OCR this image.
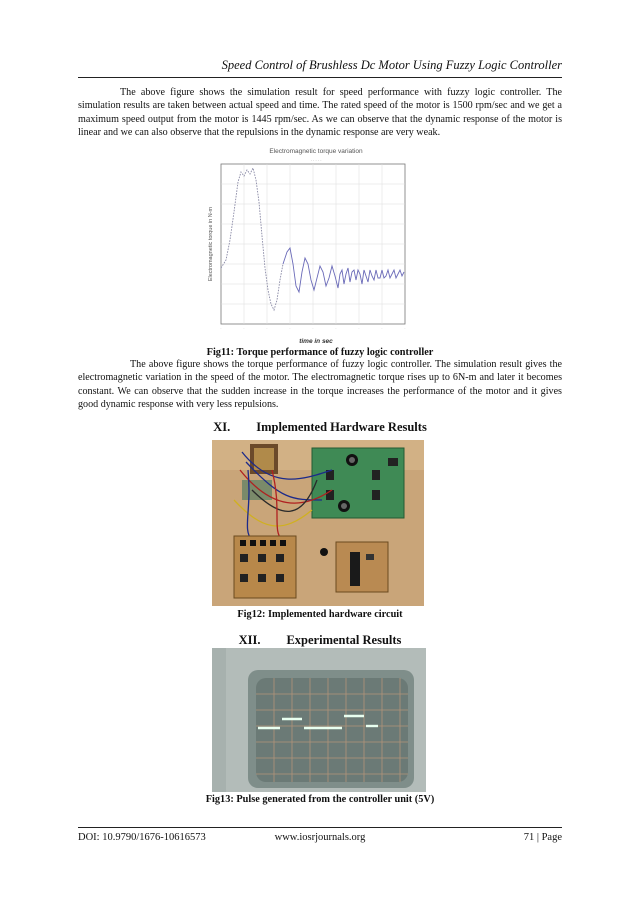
Speed Control of Brushless Dc Motor Using Fuzzy Logic Controller

The above figure shows the simulation result for speed performance with fuzzy logic controller. The simulation results are taken between actual speed and time. The rated speed of the motor is 1500 rpm/sec and we get a maximum speed output from the motor is 1445 rpm/sec. As we can observe that the dynamic response of the motor is linear and we can also observe that the repulsions in the dynamic response are very weak.

Electromagnetic torque variation
· · · · ·
·	·	·	·	·	·	·	·	·
Electromagnetic torque in N-m
time in sec
Fig11: Torque performance of fuzzy logic controller

The above figure shows the torque performance of fuzzy logic controller. The simulation result gives the electromagnetic variation in the speed of the motor. The electromagnetic torque rises up to 6N-m and later it becomes constant. We can observe that the sudden increase in the torque increases the performance of the motor and it gives good dynamic response with very less repulsions.

XI. Implemented Hardware Results
Fig12: Implemented hardware circuit
XII. Experimental Results
Fig13: Pulse generated from the controller unit (5V)
DOI: 10.9790/1676-10616573	www.iosrjournals.org	71 | Page
